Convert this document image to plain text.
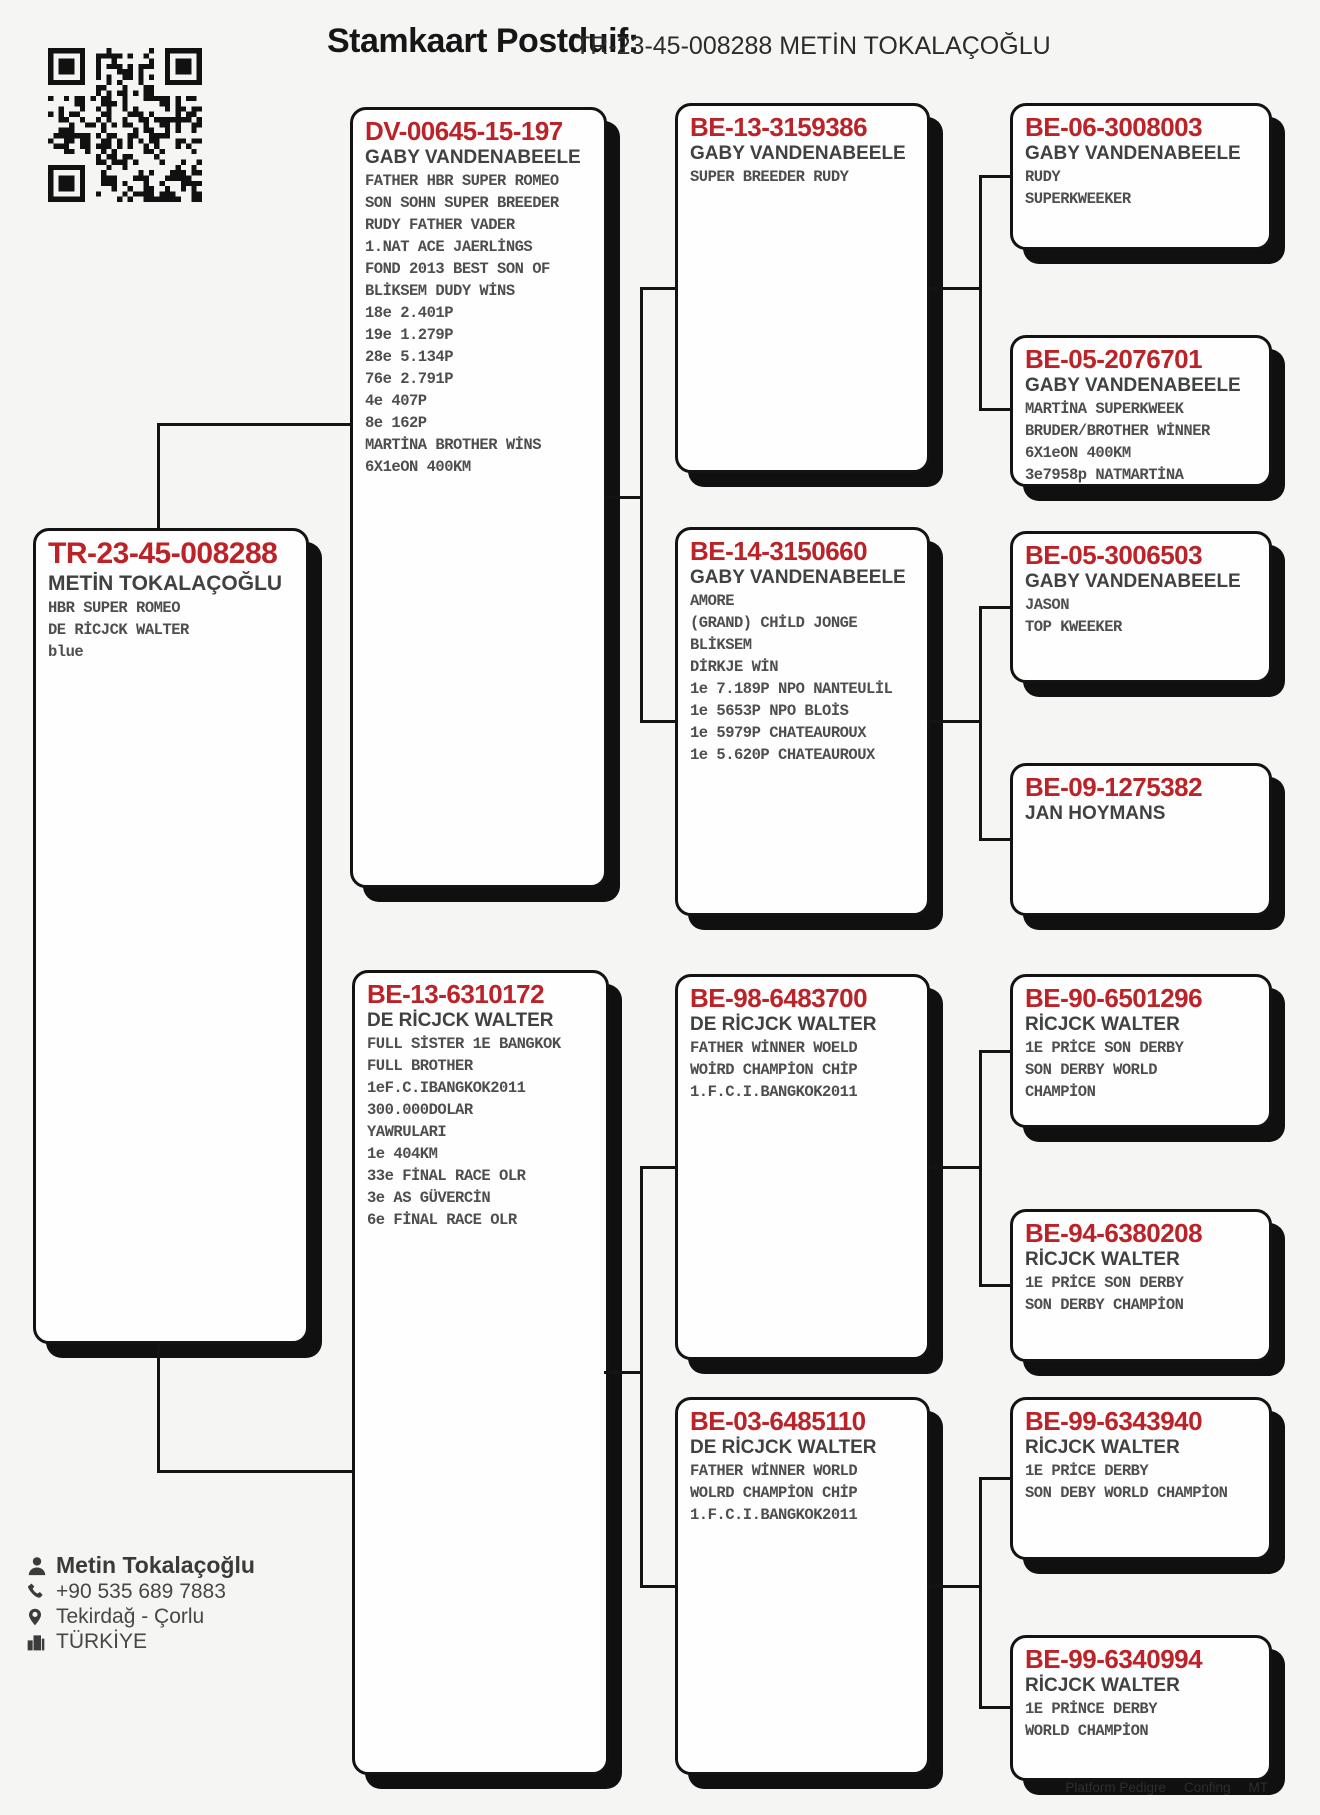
Stamkaart Postduif:
TR-23-45-008288 METİN TOKALAÇOĞLU
TR-23-45-008288
METİN TOKALAÇOĞLU
HBR SUPER ROMEO
DE RİCJCK WALTER
blue
DV-00645-15-197
GABY VANDENABEELE
FATHER HBR SUPER ROMEO
SON SOHN SUPER BREEDER
RUDY FATHER VADER
1.NAT ACE JAERLİNGS
FOND 2013 BEST SON OF
BLİKSEM DUDY WİNS
18e 2.401P
19e 1.279P
28e 5.134P
76e 2.791P
4e 407P
8e 162P
MARTİNA BROTHER WİNS
6X1eON 400KM
BE-13-6310172
DE RİCJCK WALTER
FULL SİSTER 1E BANGKOK
FULL BROTHER
1eF.C.IBANGKOK2011
300.000DOLAR
YAWRULARI
1e 404KM
33e FİNAL RACE OLR
3e AS GÜVERCİN
6e FİNAL RACE OLR
BE-13-3159386
GABY VANDENABEELE
SUPER BREEDER RUDY
BE-14-3150660
GABY VANDENABEELE
AMORE
(GRAND) CHİLD JONGE
BLİKSEM
DİRKJE WİN
1e 7.189P NPO NANTEULİL
1e 5653P NPO BLOİS
1e 5979P CHATEAUROUX
1e 5.620P CHATEAUROUX
BE-98-6483700
DE RİCJCK WALTER
FATHER WİNNER WOELD
WOİRD CHAMPİON CHİP
1.F.C.I.BANGKOK2011
BE-03-6485110
DE RİCJCK WALTER
FATHER WİNNER WORLD
WOLRD CHAMPİON CHİP
1.F.C.I.BANGKOK2011
BE-06-3008003
GABY VANDENABEELE
RUDY
SUPERKWEEKER
BE-05-2076701
GABY VANDENABEELE
MARTİNA SUPERKWEEK
BRUDER/BROTHER WİNNER
6X1eON 400KM
3e7958p NATMARTİNA
BE-05-3006503
GABY VANDENABEELE
JASON
TOP KWEEKER
BE-09-1275382
JAN HOYMANS
BE-90-6501296
RİCJCK WALTER
1E PRİCE SON DERBY
SON DERBY WORLD
CHAMPİON
BE-94-6380208
RİCJCK WALTER
1E PRİCE SON DERBY
SON DERBY CHAMPİON
BE-99-6343940
RİCJCK WALTER
1E PRİCE DERBY
SON DEBY WORLD CHAMPİON
BE-99-6340994
RİCJCK WALTER
1E PRİNCE DERBY
WORLD CHAMPİON
Metin Tokalaçoğlu
+90 535 689 7883
Tekirdağ - Çorlu
TÜRKİYE
Platform Pedigre Confing MT
